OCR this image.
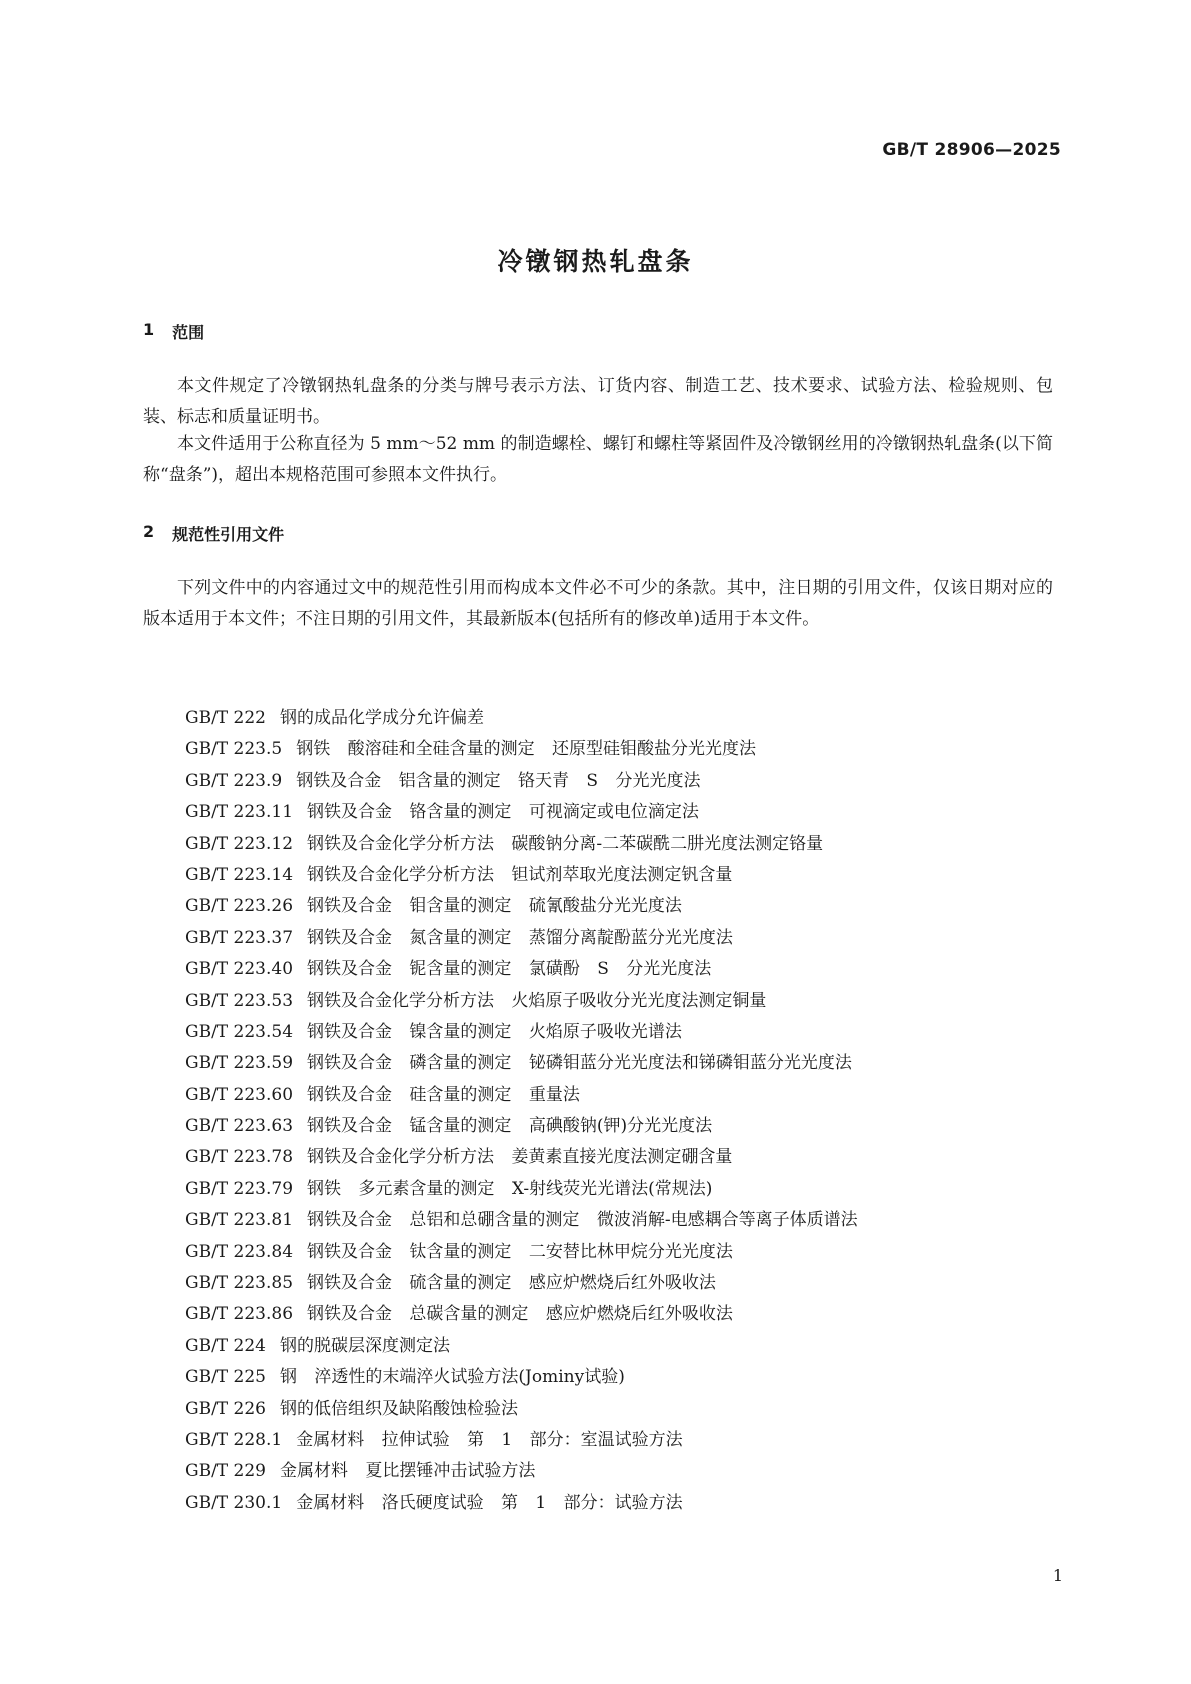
GB/T 28906—2025
冷镦钢热轧盘条
1 范围

本文件规定了冷镦钢热轧盘条的分类与牌号表示方法、订货内容、制造工艺、技术要求、试验方法、检验规则、包装、标志和质量证明书。

本文件适用于公称直径为 5 mm～52 mm 的制造螺栓、螺钉和螺柱等紧固件及冷镦钢丝用的冷镦钢热轧盘条(以下简称“盘条”)，超出本规格范围可参照本文件执行。

2 规范性引用文件

下列文件中的内容通过文中的规范性引用而构成本文件必不可少的条款。其中，注日期的引用文件，仅该日期对应的版本适用于本文件；不注日期的引用文件，其最新版本(包括所有的修改单)适用于本文件。

GB/T 222 钢的成品化学成分允许偏差
GB/T 223.5 钢铁 酸溶硅和全硅含量的测定 还原型硅钼酸盐分光光度法
GB/T 223.9 钢铁及合金 铝含量的测定 铬天青 S 分光光度法
GB/T 223.11 钢铁及合金 铬含量的测定 可视滴定或电位滴定法
GB/T 223.12 钢铁及合金化学分析方法 碳酸钠分离-二苯碳酰二肼光度法测定铬量
GB/T 223.14 钢铁及合金化学分析方法 钽试剂萃取光度法测定钒含量
GB/T 223.26 钢铁及合金 钼含量的测定 硫氰酸盐分光光度法
GB/T 223.37 钢铁及合金 氮含量的测定 蒸馏分离靛酚蓝分光光度法
GB/T 223.40 钢铁及合金 铌含量的测定 氯磺酚 S 分光光度法
GB/T 223.53 钢铁及合金化学分析方法 火焰原子吸收分光光度法测定铜量
GB/T 223.54 钢铁及合金 镍含量的测定 火焰原子吸收光谱法
GB/T 223.59 钢铁及合金 磷含量的测定 铋磷钼蓝分光光度法和锑磷钼蓝分光光度法
GB/T 223.60 钢铁及合金 硅含量的测定 重量法
GB/T 223.63 钢铁及合金 锰含量的测定 高碘酸钠(钾)分光光度法
GB/T 223.78 钢铁及合金化学分析方法 姜黄素直接光度法测定硼含量
GB/T 223.79 钢铁 多元素含量的测定 X-射线荧光光谱法(常规法)
GB/T 223.81 钢铁及合金 总铝和总硼含量的测定 微波消解-电感耦合等离子体质谱法
GB/T 223.84 钢铁及合金 钛含量的测定 二安替比林甲烷分光光度法
GB/T 223.85 钢铁及合金 硫含量的测定 感应炉燃烧后红外吸收法
GB/T 223.86 钢铁及合金 总碳含量的测定 感应炉燃烧后红外吸收法
GB/T 224 钢的脱碳层深度测定法
GB/T 225 钢 淬透性的末端淬火试验方法(Jominy试验)
GB/T 226 钢的低倍组织及缺陷酸蚀检验法
GB/T 228.1 金属材料 拉伸试验 第 1 部分：室温试验方法
GB/T 229 金属材料 夏比摆锤冲击试验方法
GB/T 230.1 金属材料 洛氏硬度试验 第 1 部分：试验方法
1
